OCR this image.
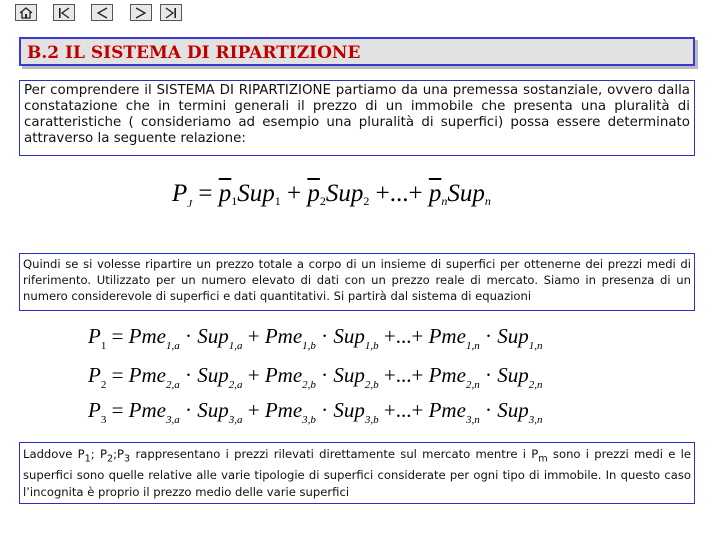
B.2 IL SISTEMA DI RIPARTIZIONE

Per comprendere il SISTEMA DI RIPARTIZIONE partiamo da una premessa sostanziale, ovvero dalla constatazione che in termini generali il prezzo di un immobile che presenta una pluralità di caratteristiche ( consideriamo ad esempio una pluralità di superfici) possa essere determinato attraverso la seguente relazione:

$P_J = \overline{p}1Sup1 + \overline{p}2Sup2$ +...+ $\overline{p}nSupn$

Quindi se si volesse ripartire un prezzo totale a corpo di un insieme di superfici per ottenerne dei prezzi medi di riferimento. Utilizzato per un numero elevato di dati con un prezzo reale di mercato. Siamo in presenza di un numero considerevole di superfici e dati quantitativi. Si partirà dal sistema di equazioni

$P_1 = Pme_{1,a} \cdot Sup_{1,a} + Pme_{1,b} \cdot Sup_{1,b}$ +...+ Pme$_{1,n}$ · Sup$_{1,n}$
$P_2 = Pme_{2,a} \cdot Sup_{2,a} + Pme_{2,b} \cdot Sup_{2,b}$ +...+ Pme$_{2,n}$ · Sup$_{2,n}$
$P_3 = Pme_{3,a} \cdot Sup_{3,a} + Pme_{3,b} \cdot Sup_{3,b}$ +...+ Pme$_{3,n}$ · Sup$_{3,n}$

Laddove $P_1$; $P_2;P_3$ rappresentano i prezzi rilevati direttamente sul mercato mentre i $P_m$ sono i prezzi medi e le superfici sono quelle relative alle varie tipologie di superfici considerate per ogni tipo di immobile. In questo caso l’incognita è proprio il prezzo medio delle varie superfici
